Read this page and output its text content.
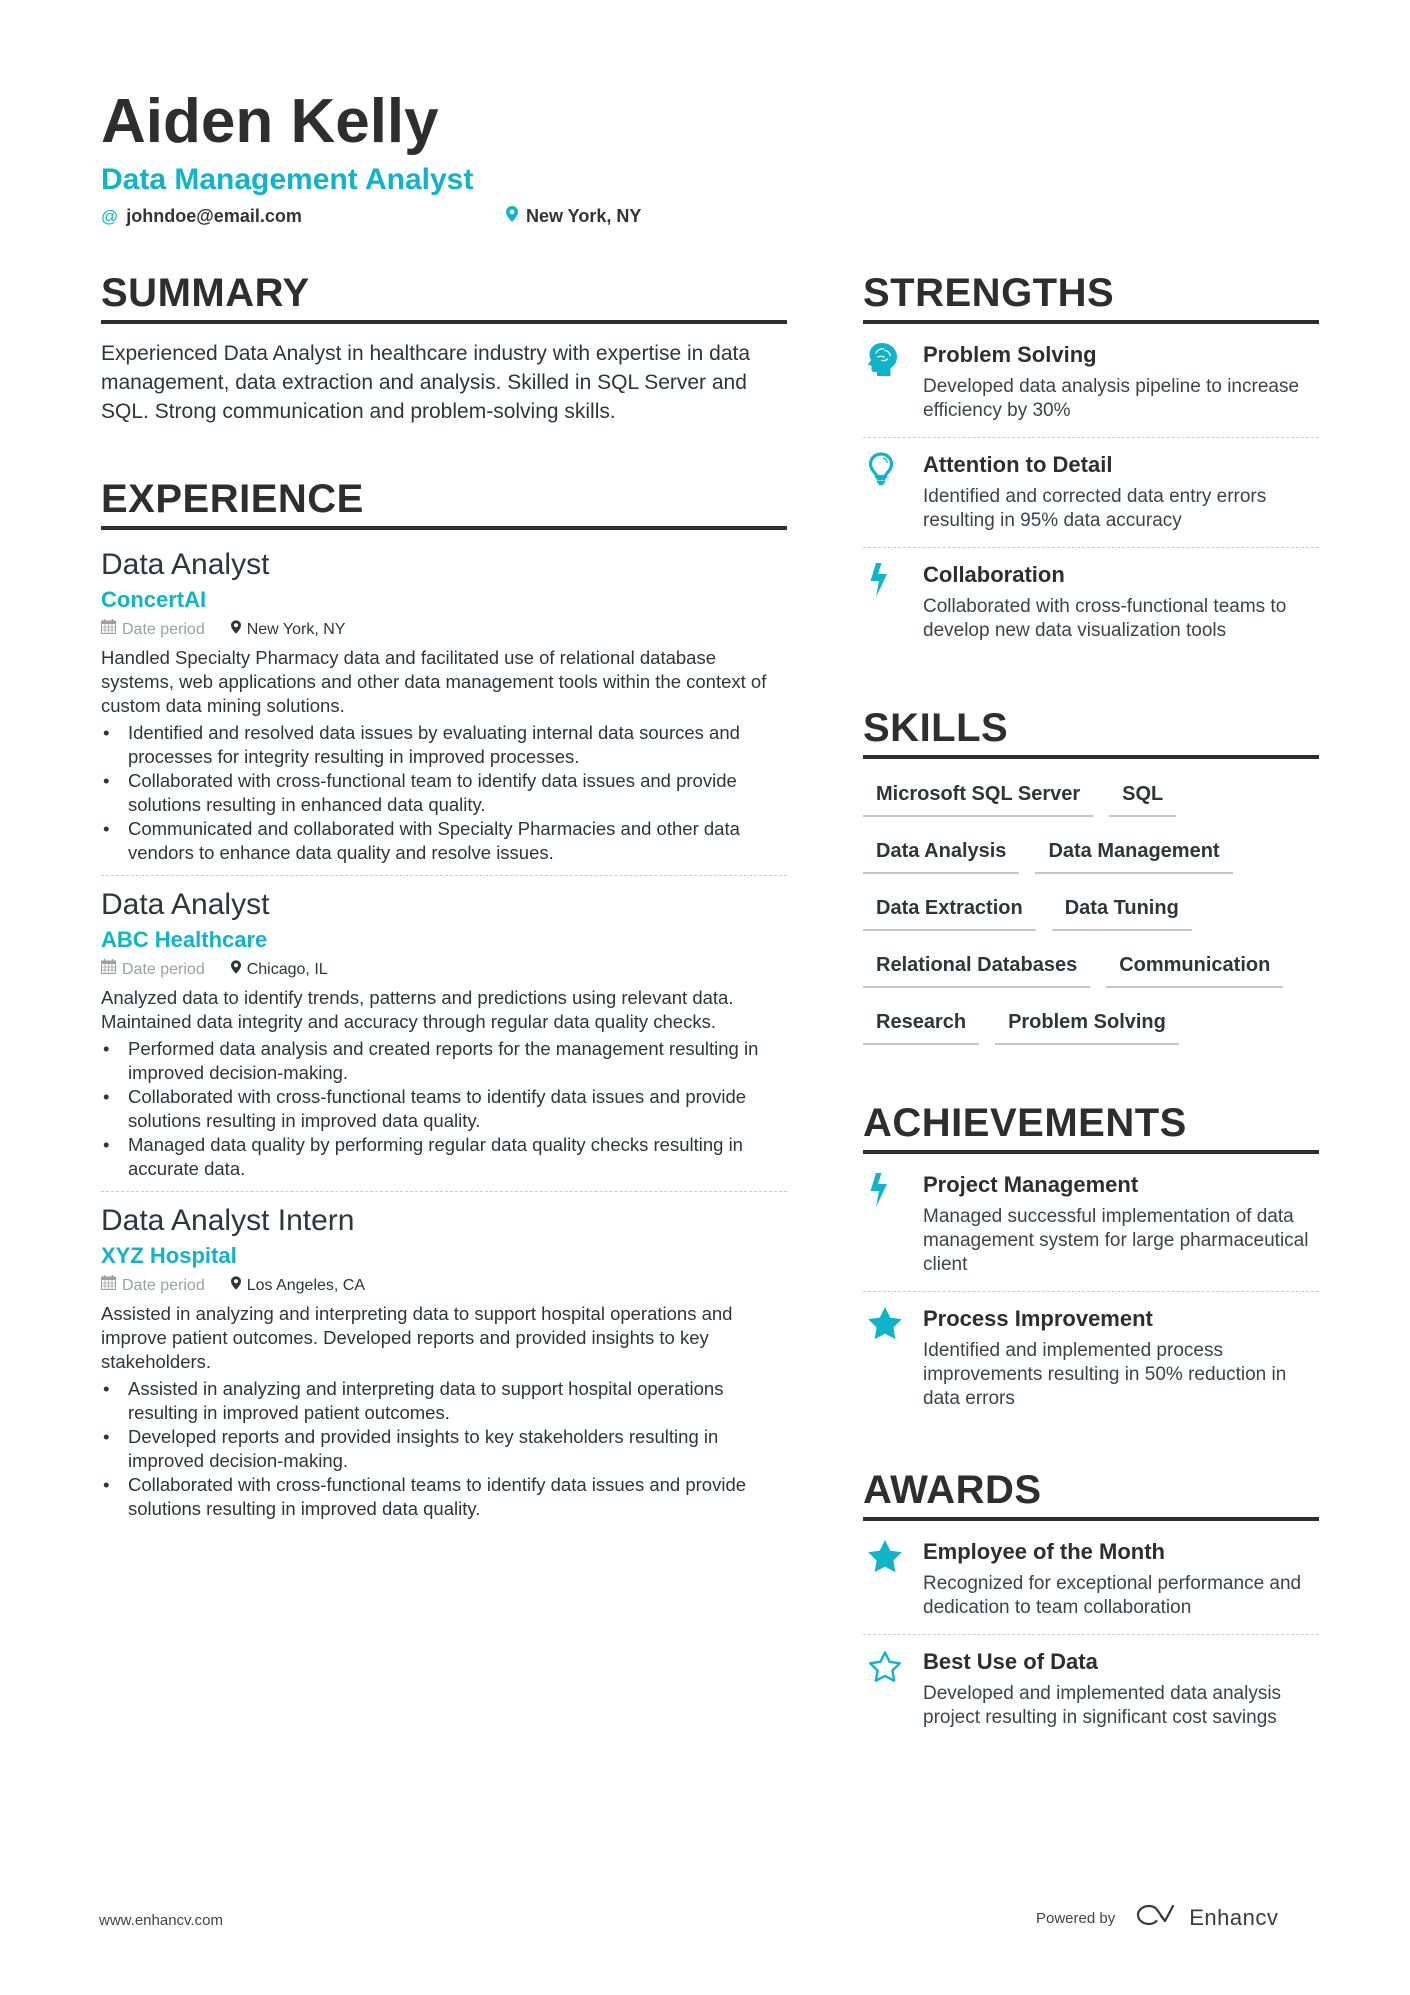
Aiden Kelly
Data Management Analyst
@ johndoe@email.com	New York, NY
SUMMARY

Experienced Data Analyst in healthcare industry with expertise in data management, data extraction and analysis. Skilled in SQL Server and SQL. Strong communication and problem-solving skills.

EXPERIENCE
Data Analyst
ConcertAI
Date period	New York, NY

Handled Specialty Pharmacy data and facilitated use of relational database systems, web applications and other data management tools within the context of custom data mining solutions.

• Identified and resolved data issues by evaluating internal data sources and processes for integrity resulting in improved processes.
• Collaborated with cross-functional team to identify data issues and provide solutions resulting in enhanced data quality.
• Communicated and collaborated with Specialty Pharmacies and other data vendors to enhance data quality and resolve issues.
Data Analyst
ABC Healthcare
Date period	Chicago, IL

Analyzed data to identify trends, patterns and predictions using relevant data. Maintained data integrity and accuracy through regular data quality checks.

• Performed data analysis and created reports for the management resulting in improved decision-making.
• Collaborated with cross-functional teams to identify data issues and provide solutions resulting in improved data quality.
• Managed data quality by performing regular data quality checks resulting in accurate data.
Data Analyst Intern
XYZ Hospital
Date period	Los Angeles, CA

Assisted in analyzing and interpreting data to support hospital operations and improve patient outcomes. Developed reports and provided insights to key stakeholders.

• Assisted in analyzing and interpreting data to support hospital operations resulting in improved patient outcomes.
• Developed reports and provided insights to key stakeholders resulting in improved decision-making.
• Collaborated with cross-functional teams to identify data issues and provide solutions resulting in improved data quality.
STRENGTHS
Problem Solving
Developed data analysis pipeline to increase efficiency by 30%
Attention to Detail
Identified and corrected data entry errors resulting in 95% data accuracy
Collaboration
Collaborated with cross-functional teams to develop new data visualization tools
SKILLS
Microsoft SQL Server	SQL
Data Analysis	Data Management
Data Extraction	Data Tuning
Relational Databases	Communication
Research	Problem Solving
ACHIEVEMENTS
Project Management
Managed successful implementation of data management system for large pharmaceutical client
Process Improvement
Identified and implemented process improvements resulting in 50% reduction in data errors
AWARDS
Employee of the Month
Recognized for exceptional performance and dedication to team collaboration
Best Use of Data
Developed and implemented data analysis project resulting in significant cost savings
www.enhancv.com	Powered by	Enhancv
